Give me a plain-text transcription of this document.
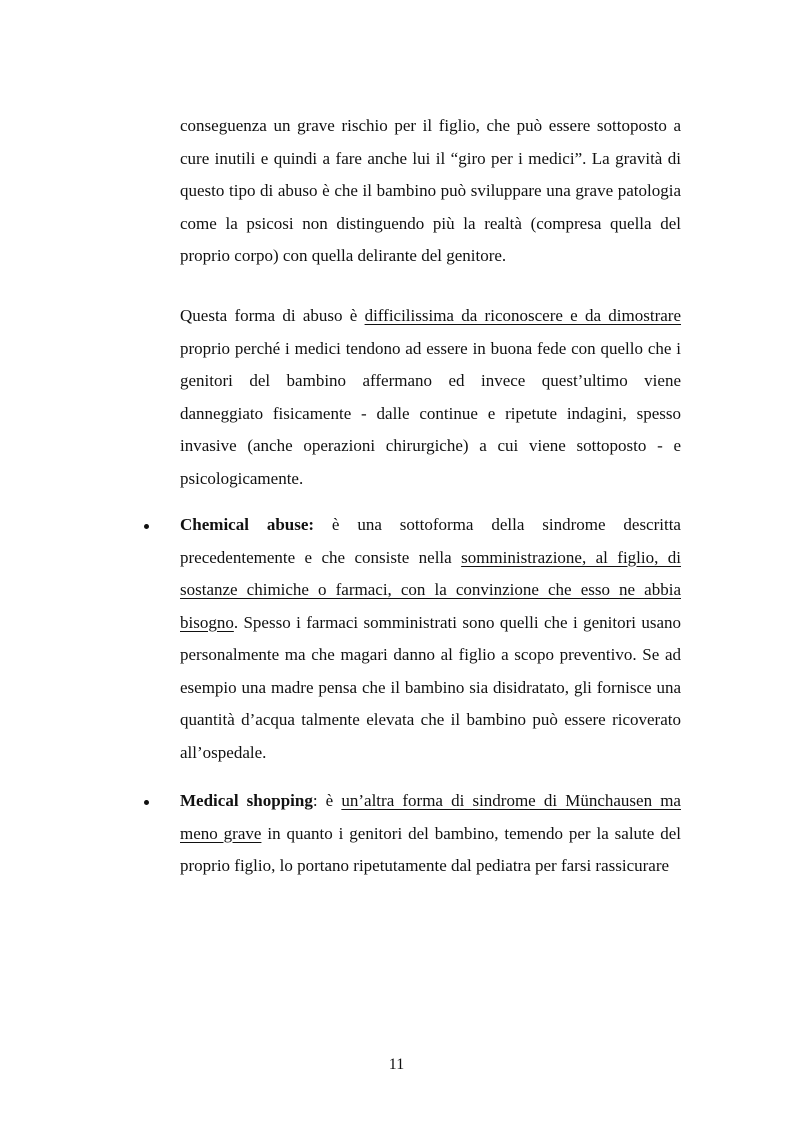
conseguenza un grave rischio per il figlio, che può essere sottoposto a cure inutili e quindi a fare anche lui il “giro per i medici”. La gravità di questo tipo di abuso è che il bambino può sviluppare una grave patologia come la psicosi non distinguendo più la realtà (compresa quella del proprio corpo) con quella delirante del genitore.

Questa forma di abuso è difficilissima da riconoscere e da dimostrare proprio perché i medici tendono ad essere in buona fede con quello che i genitori del bambino affermano ed invece quest’ultimo viene danneggiato fisicamente - dalle continue e ripetute indagini, spesso invasive (anche operazioni chirurgiche) a cui viene sottoposto - e psicologicamente.

Chemical abuse: è una sottoforma della sindrome descritta precedentemente e che consiste nella somministrazione, al figlio, di sostanze chimiche o farmaci, con la convinzione che esso ne abbia bisogno. Spesso i farmaci somministrati sono quelli che i genitori usano personalmente ma che magari danno al figlio a scopo preventivo. Se ad esempio una madre pensa che il bambino sia disidratato, gli fornisce una quantità d’acqua talmente elevata che il bambino può essere ricoverato all’ospedale.

Medical shopping: è un’altra forma di sindrome di Münchausen ma meno grave in quanto i genitori del bambino, temendo per la salute del proprio figlio, lo portano ripetutamente dal pediatra per farsi rassicurare

11
